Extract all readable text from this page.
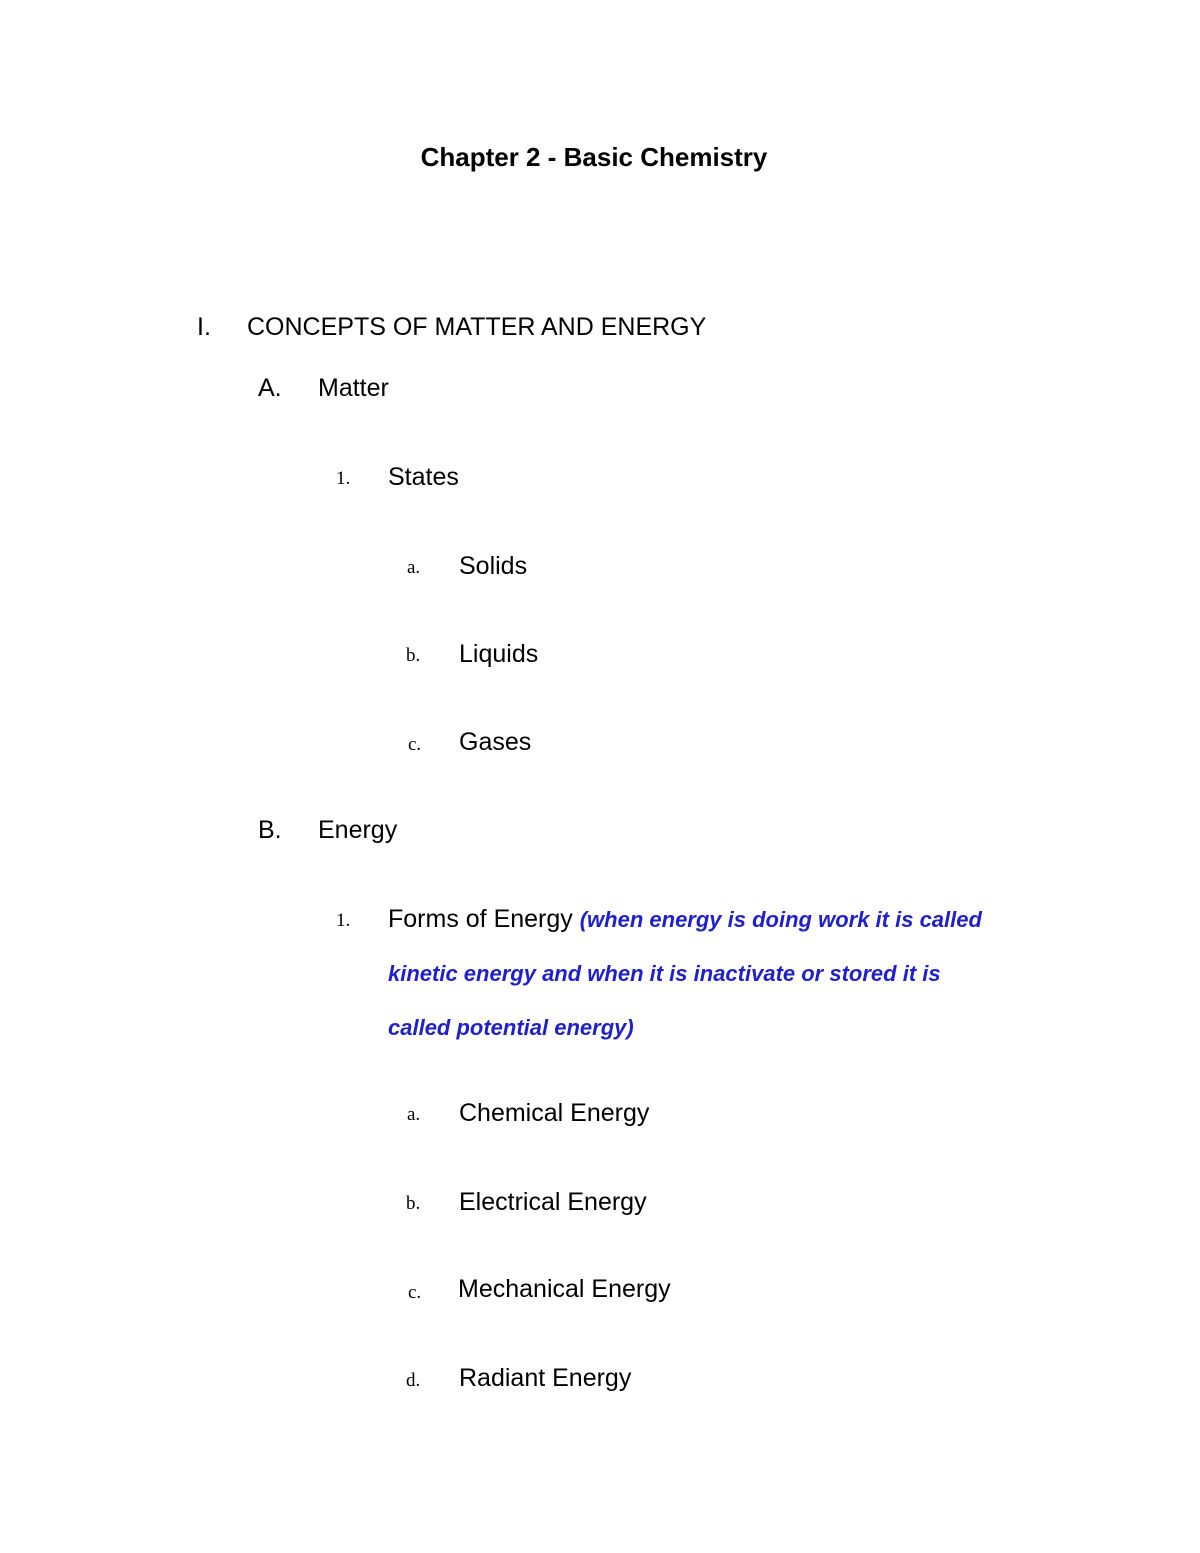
Chapter 2 - Basic Chemistry
I. CONCEPTS OF MATTER AND ENERGY
A. Matter
1. States
a. Solids
b. Liquids
c. Gases
B. Energy
1. Forms of Energy (when energy is doing work it is called
kinetic energy and when it is inactivate or stored it is
called potential energy)
a. Chemical Energy
b. Electrical Energy
c. Mechanical Energy
d. Radiant Energy
